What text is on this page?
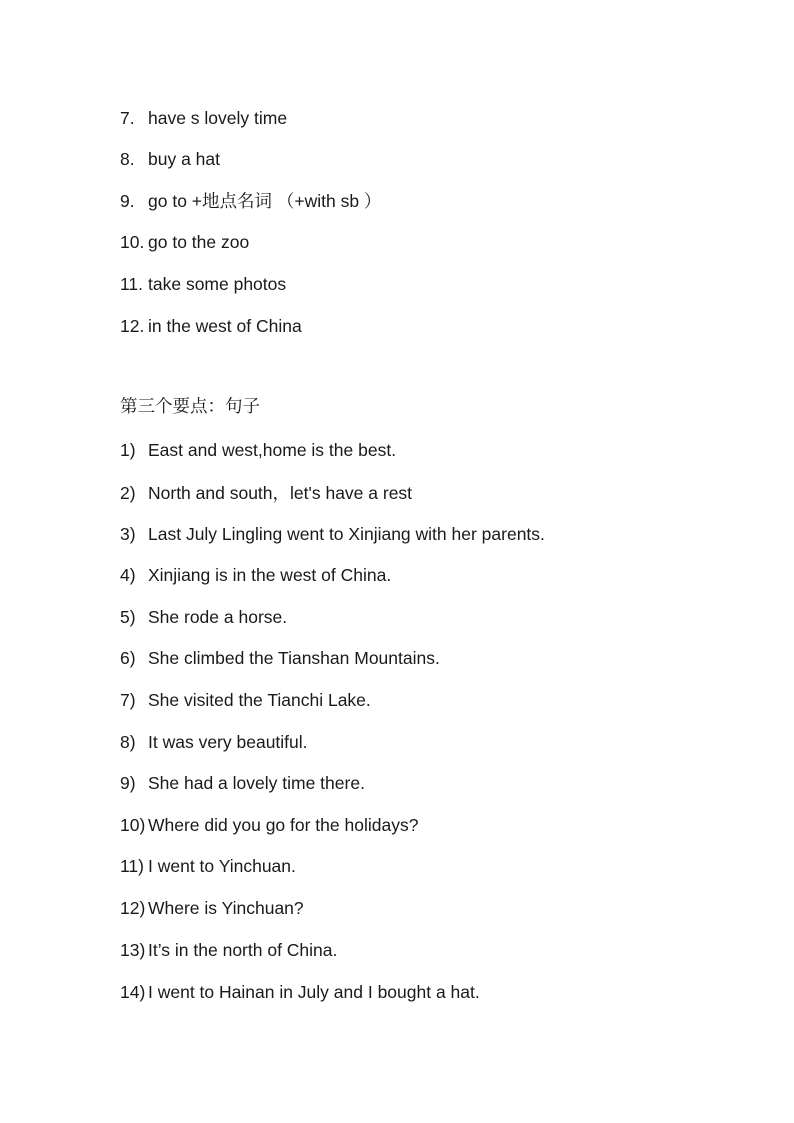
7. have s lovely time
8. buy a hat
9. go to +地点名词 （+with sb ）
10. go to the zoo
11. take some photos
12. in the west of China
第三个要点：句子
1) East and west,home is the best.
2) North and south，let's have a rest
3) Last July Lingling went to Xinjiang with her parents.
4) Xinjiang is in the west of China.
5) She rode a horse.
6) She climbed the Tianshan Mountains.
7) She visited the Tianchi Lake.
8) It was very beautiful.
9) She had a lovely time there.
10) Where did you go for the holidays?
11) I went to Yinchuan.
12) Where is Yinchuan?
13) It’s in the north of China.
14) I went to Hainan in July and I bought a hat.
